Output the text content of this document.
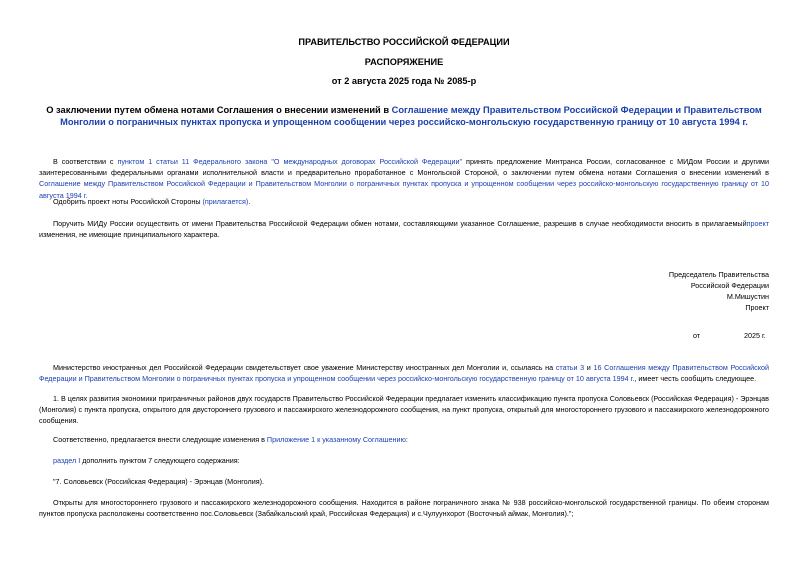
ПРАВИТЕЛЬСТВО РОССИЙСКОЙ ФЕДЕРАЦИИ
РАСПОРЯЖЕНИЕ
от 2 августа 2025 года № 2085-р
О заключении путем обмена нотами Соглашения о внесении изменений в Соглашение между Правительством Российской Федерации и Правительством Монголии о пограничных пунктах пропуска и упрощенном сообщении через российско-монгольскую государственную границу от 10 августа 1994 г.
В соответствии с пунктом 1 статьи 11 Федерального закона "О международных договорах Российской Федерации" принять предложение Минтранса России, согласованное с МИДом России и другими заинтересованными федеральными органами исполнительной власти и предварительно проработанное с Монгольской Стороной, о заключении путем обмена нотами Соглашения о внесении изменений в Соглашение между Правительством Российской Федерации и Правительством Монголии о пограничных пунктах пропуска и упрощенном сообщении через российско-монгольскую государственную границу от 10 августа 1994 г.
Одобрить проект ноты Российской Стороны (прилагается).
Поручить МИДу России осуществить от имени Правительства Российской Федерации обмен нотами, составляющими указанное Соглашение, разрешив в случае необходимости вносить в прилагаемыйпроект изменения, не имеющие принципиального характера.
Председатель Правительства
Российской Федерации
М.Мишустин
Проект
от	2025 г.
Министерство иностранных дел Российской Федерации свидетельствует свое уважение Министерству иностранных дел Монголии и, ссылаясь на статьи 3 и 16 Соглашения между Правительством Российской Федерации и Правительством Монголии о пограничных пунктах пропуска и упрощенном сообщении через российско-монгольскую государственную границу от 10 августа 1994 г., имеет честь сообщить следующее.
1. В целях развития экономики приграничных районов двух государств Правительство Российской Федерации предлагает изменить классификацию пункта пропуска Соловьевск (Российская Федерация) - Эрэнцав (Монголия) с пункта пропуска, открытого для двустороннего грузового и пассажирского железнодорожного сообщения, на пункт пропуска, открытый для многостороннего грузового и пассажирского железнодорожного сообщения.
Соответственно, предлагается внести следующие изменения в Приложение 1 к указанному Соглашению:
раздел I дополнить пунктом 7 следующего содержания:
"7. Соловьевск (Российская Федерация) - Эрэнцав (Монголия).
Открыты для многостороннего грузового и пассажирского железнодорожного сообщения. Находится в районе пограничного знака № 938 российско-монгольской государственной границы. По обеим сторонам пунктов пропуска расположены соответственно пос.Соловьевск (Забайкальский край, Российская Федерация) и с.Чулуунхорот (Восточный аймак, Монголия).";
